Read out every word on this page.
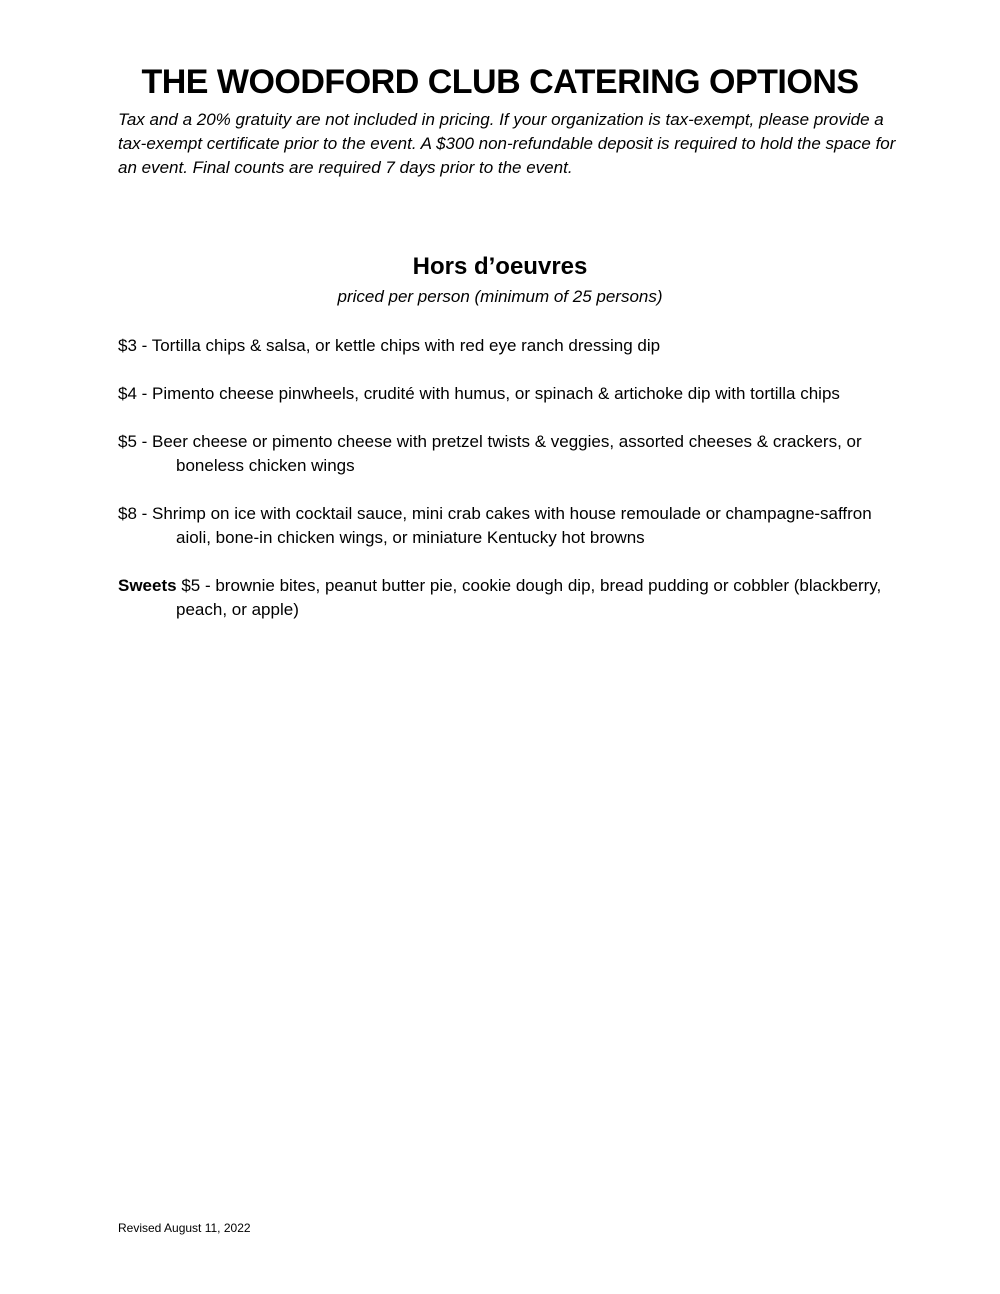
THE WOODFORD CLUB CATERING OPTIONS

Tax and a 20% gratuity are not included in pricing. If your organization is tax-exempt, please provide a tax-exempt certificate prior to the event. A $300 non-refundable deposit is required to hold the space for an event. Final counts are required 7 days prior to the event.

Hors d’oeuvres

priced per person (minimum of 25 persons)

$3 - Tortilla chips & salsa, or kettle chips with red eye ranch dressing dip
$4 - Pimento cheese pinwheels, crudité with humus, or spinach & artichoke dip with tortilla chips
$5 - Beer cheese or pimento cheese with pretzel twists & veggies, assorted cheeses & crackers, or boneless chicken wings
$8 - Shrimp on ice with cocktail sauce, mini crab cakes with house remoulade or champagne-saffron aioli, bone-in chicken wings, or miniature Kentucky hot browns
Sweets $5 - brownie bites, peanut butter pie, cookie dough dip, bread pudding or cobbler (blackberry, peach, or apple)

Revised August 11, 2022
